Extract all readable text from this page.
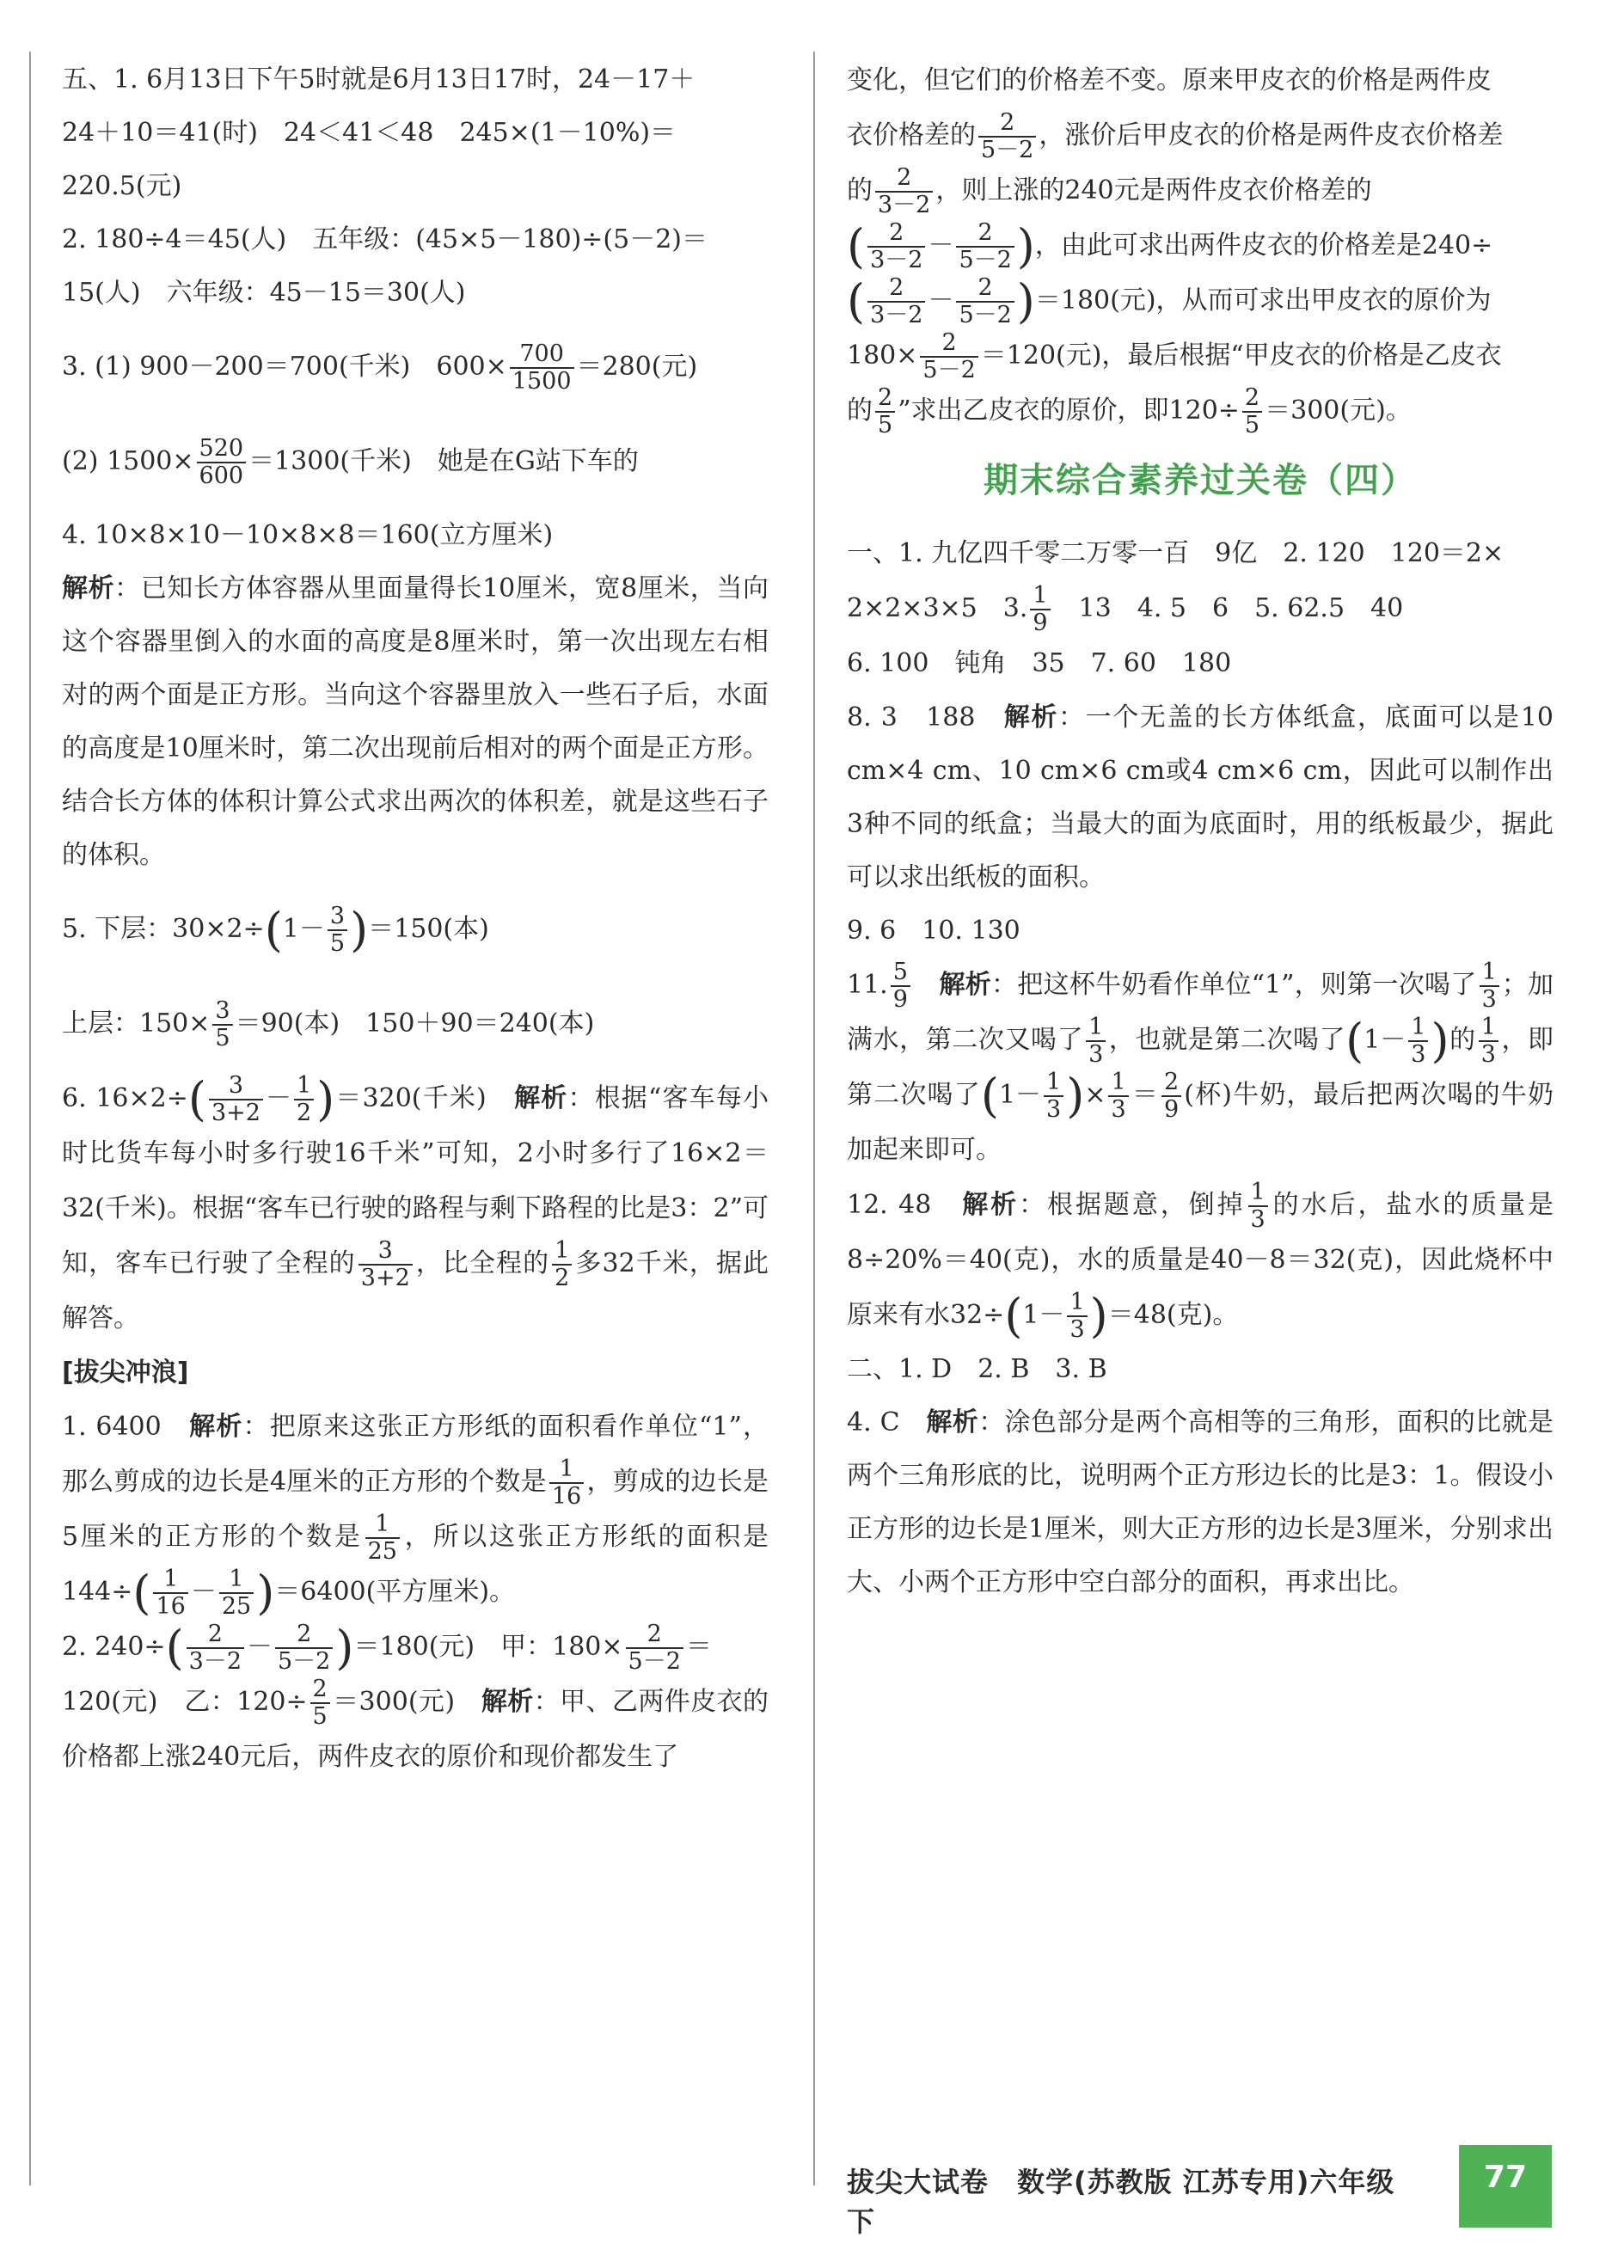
五、1. 6月13日下午5时就是6月13日17时，24－17＋
24＋10＝41(时)　24＜41＜48　245×(1－10%)＝
220.5(元)

2. 180÷4＝45(人)　五年级：(45×5－180)÷(5－2)＝
15(人)　六年级：45－15＝30(人)

3. (1) 900－200＝700(千米)　$600\times \frac{700}{1500} =280$(元)

(2) $1500\times \frac{520}{600} =1300$(千米)　她是在G站下车的

4. 10×8×10－10×8×8＝160(立方厘米)
解析：已知长方体容器从里面量得长10厘米，宽8厘米，当向这个容器里倒入的水面的高度是8厘米时，第一次出现左右相对的两个面是正方形。当向这个容器里放入一些石子后，水面的高度是10厘米时，第二次出现前后相对的两个面是正方形。结合长方体的体积计算公式求出两次的体积差，就是这些石子的体积。

5. 下层：$30\times 2\div(1- \frac{3}{5} )=150$(本)

上层：$150\times \frac{3}{5} =90$(本)　150＋90＝240(本)

6. $16\times 2\div( \frac{3}{3+2} - \frac{1}{2} )=320$(千米)　解析：根据“客车每小时比货车每小时多行驶16千米”可知，2小时多行了16×2＝32(千米)。根据“客车已行驶的路程与剩下路程的比是3：2”可知，客车已行驶了全程的 $\frac{3}{3+2}$ ，比全程的 $\frac{1}{2}$ 多32千米，据此解答。

[拔尖冲浪]

1. 6400　解析：把原来这张正方形纸的面积看作单位“1”，那么剪成的边长是4厘米的正方形的个数是 $\frac{1}{16}$ ，剪成的边长是5厘米的正方形的个数是 $\frac{1}{25}$ ，所以这张正方形纸的面积是$144\div( \frac{1}{16} - \frac{1}{25} )=6400$(平方厘米)。

2. $240\div( \frac{2}{3-2} - \frac{2}{5-2} )=180$(元)　甲：$180\times \frac{2}{5-2}$ ＝
120(元)　乙：$120\div \frac{2}{5} =300$(元)　解析：甲、乙两件皮衣的价格都上涨240元后，两件皮衣的原价和现价都发生了

变化，但它们的价格差不变。原来甲皮衣的价格是两件皮
衣价格差的 $\frac{2}{5-2}$ ，涨价后甲皮衣的价格是两件皮衣价格差
的 $\frac{2}{3-2}$ ，则上涨的240元是两件皮衣价格差的
( $\frac{2}{3-2} - \frac{2}{5-2}$ )，由此可求出两件皮衣的价格差是240÷
( $\frac{2}{3-2} - \frac{2}{5-2} )=180$(元)，从而可求出甲皮衣的原价为
$180\times \frac{2}{5-2} =120$(元)，最后根据“甲皮衣的价格是乙皮衣
的 $\frac{2}{5}$ ”求出乙皮衣的原价，即$120\div \frac{2}{5} =300$(元)。

期末综合素养过关卷（四）

一、1. 九亿四千零二万零一百　9亿　2. 120　120＝2×
2×2×3×5　3. $\frac{1}{9}$ 　13　4. 5　6　5. 62.5　40
6. 100　钝角　35　7. 60　180

8. 3　188　解析：一个无盖的长方体纸盒，底面可以是10 cm×4 cm、10 cm×6 cm或4 cm×6 cm，因此可以制作出3种不同的纸盒；当最大的面为底面时，用的纸板最少，据此可以求出纸板的面积。

9. 6　10. 130

11. $\frac{5}{9}$
　 解析：把这杯牛奶看作单位“1”，则第一次喝了 $\frac{1}{3}$ ；加满水，第二次又喝了 $\frac{1}{3}$ ，也就是第二次喝了($1- \frac{1}{3}$ )的 $\frac{1}{3}$ ，即第二次喝了($1- \frac{1}{3}$ )× $\frac{1}{3} = \frac{2}{9}$ (杯)牛奶，最后把两次喝的牛奶加起来即可。

12. 48　解析：根据题意，倒掉 $\frac{1}{3}$ 的水后，盐水的质量是8÷20%＝40(克)，水的质量是40－8＝32(克)，因此烧杯中原来有水$32\div(1- \frac{1}{3} )=48$(克)。

二、1. D　2. B　3. B
4. C　解析：涂色部分是两个高相等的三角形，面积的比就是两个三角形底的比，说明两个正方形边长的比是3：1。假设小正方形的边长是1厘米，则大正方形的边长是3厘米，分别求出大、小两个正方形中空白部分的面积，再求出比。

拔尖大试卷　数学(苏教版 江苏专用)六年级下
77
